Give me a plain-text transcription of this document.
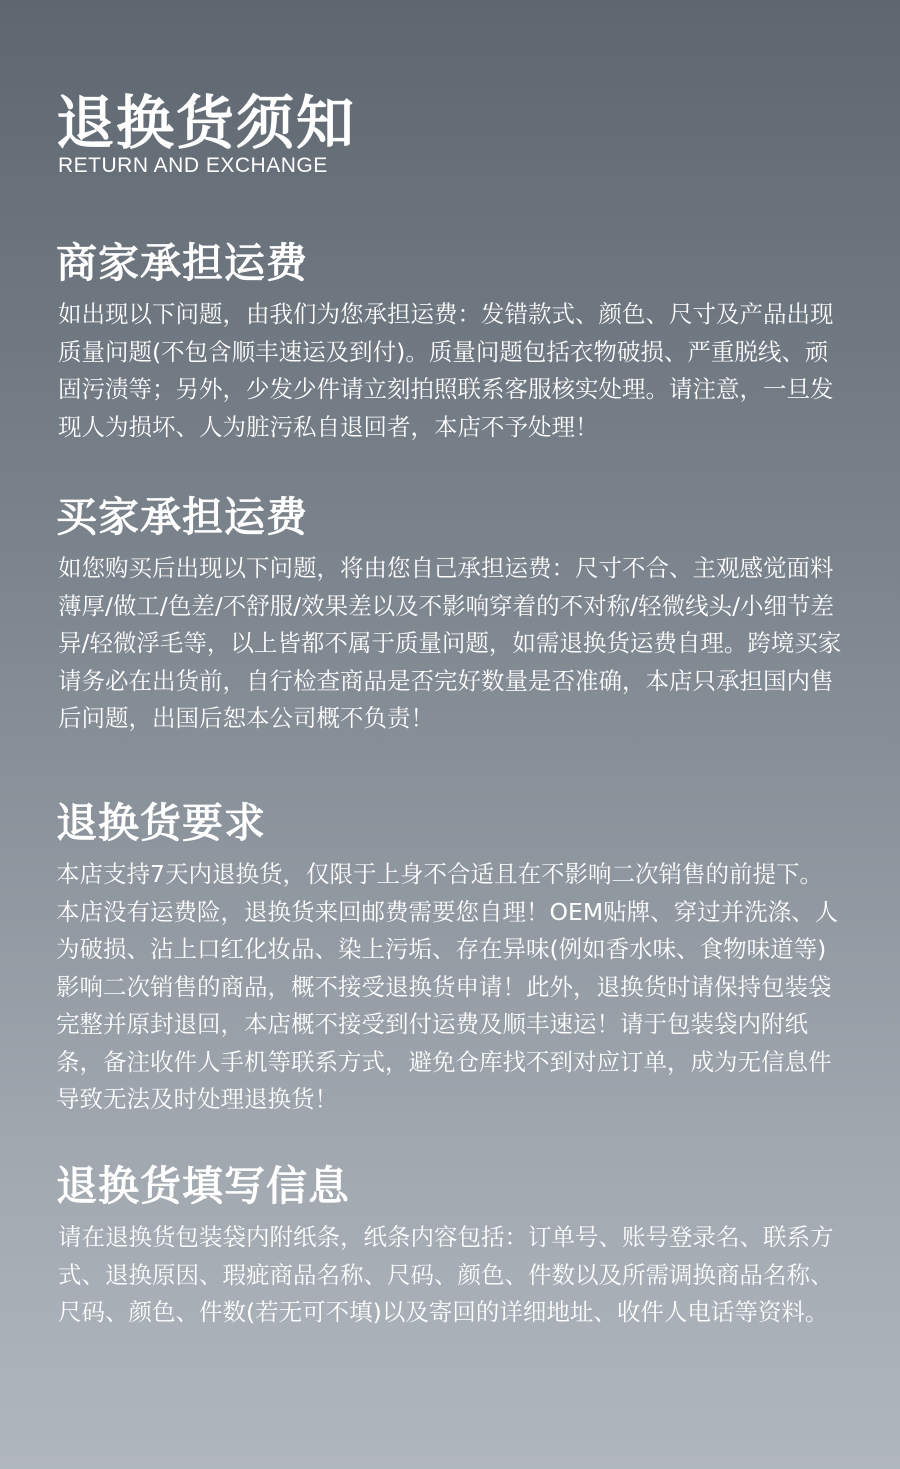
退换货须知
RETURN AND EXCHANGE
商家承担运费

如出现以下问题，由我们为您承担运费：发错款式、颜色、尺寸及产品出现质量问题(不包含顺丰速运及到付)。质量问题包括衣物破损、严重脱线、顽固污渍等；另外，少发少件请立刻拍照联系客服核实处理。请注意，一旦发现人为损坏、人为脏污私自退回者，本店不予处理！

买家承担运费

如您购买后出现以下问题，将由您自己承担运费：尺寸不合、主观感觉面料薄厚/做工/色差/不舒服/效果差以及不影响穿着的不对称/轻微线头/小细节差异/轻微浮毛等，以上皆都不属于质量问题，如需退换货运费自理。跨境买家请务必在出货前，自行检查商品是否完好数量是否准确，本店只承担国内售后问题，出国后恕本公司概不负责！

退换货要求

本店支持7天内退换货，仅限于上身不合适且在不影响二次销售的前提下。本店没有运费险，退换货来回邮费需要您自理！OEM贴牌、穿过并洗涤、人为破损、沾上口红化妆品、染上污垢、存在异味(例如香水味、食物味道等)影响二次销售的商品，概不接受退换货申请！此外，退换货时请保持包装袋完整并原封退回，本店概不接受到付运费及顺丰速运！请于包装袋内附纸条，备注收件人手机等联系方式，避免仓库找不到对应订单，成为无信息件导致无法及时处理退换货！

退换货填写信息

请在退换货包装袋内附纸条，纸条内容包括：订单号、账号登录名、联系方式、退换原因、瑕疵商品名称、尺码、颜色、件数以及所需调换商品名称、尺码、颜色、件数(若无可不填)以及寄回的详细地址、收件人电话等资料。
